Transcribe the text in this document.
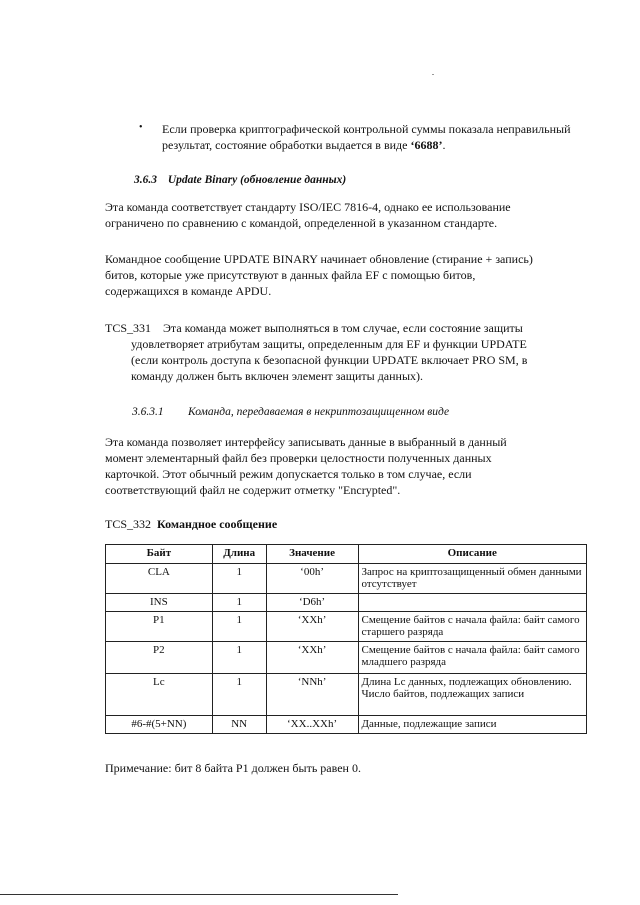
• Если проверка криптографической контрольной суммы показала неправильный результат, состояние обработки выдается в виде ‘6688’.
3.6.3 Update Binary (обновление данных)
Эта команда соответствует стандарту ISO/IEC 7816-4, однако ее использование ограничено по сравнению с командой, определенной в указанном стандарте.
Командное сообщение UPDATE BINARY начинает обновление (стирание + запись) битов, которые уже присутствуют в данных файла EF с помощью битов, содержащихся в команде APDU.
TCS_331 Эта команда может выполняться в том случае, если состояние защиты
удовлетворяет атрибутам защиты, определенным для EF и функции UPDATE (если контроль доступа к безопасной функции UPDATE включает PRO SM, в команду должен быть включен элемент защиты данных).
3.6.3.1 Команда, передаваемая в некриптозащищенном виде
Эта команда позволяет интерфейсу записывать данные в выбранный в данный момент элементарный файл без проверки целостности полученных данных карточкой. Этот обычный режим допускается только в том случае, если соответствующий файл не содержит отметку "Encrypted".
TCS_332 Командное сообщение
Байт	Длина	Значение	Описание
CLA	1	‘00h’	Запрос на криптозащищенный обмен данными отсутствует
INS	1	‘D6h’	
P1	1	‘XXh’	Смещение байтов с начала файла: байт самого старшего разряда
P2	1	‘XXh’	Смещение байтов с начала файла: байт самого младшего разряда
Lc	1	‘NNh’	Длина Lc данных, подлежащих обновлению. Число байтов, подлежащих записи
#6-#(5+NN)	NN	‘XX..XXh’	Данные, подлежащие записи
Примечание: бит 8 байта P1 должен быть равен 0.
